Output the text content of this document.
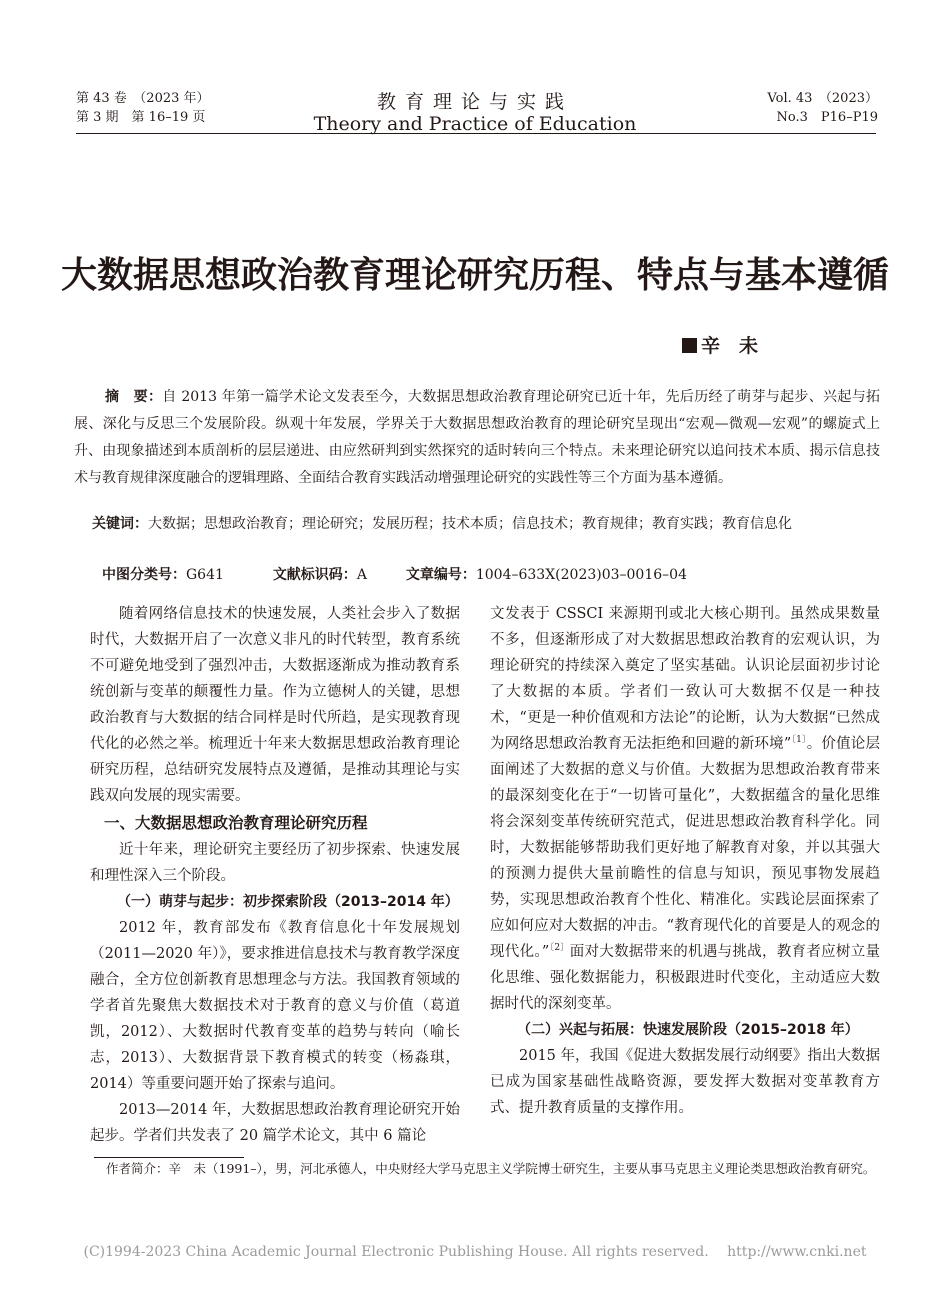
第 43 卷　（2023 年）
第 3 期　第 16–19 页
教育理论与实践
Theory and Practice of Education
Vol. 43　（2023）
No.3　P16–P19
大数据思想政治教育理论研究历程、特点与基本遵循
辛　未
摘　要：自 2013 年第一篇学术论文发表至今，大数据思想政治教育理论研究已近十年，先后历经了萌芽与起步、兴起与拓展、深化与反思三个发展阶段。纵观十年发展，学界关于大数据思想政治教育的理论研究呈现出“宏观—微观—宏观”的螺旋式上升、由现象描述到本质剖析的层层递进、由应然研判到实然探究的适时转向三个特点。未来理论研究以追问技术本质、揭示信息技术与教育规律深度融合的逻辑理路、全面结合教育实践活动增强理论研究的实践性等三个方面为基本遵循。
关键词：大数据；思想政治教育；理论研究；发展历程；技术本质；信息技术；教育规律；教育实践；教育信息化
中图分类号：G641	文献标识码：A	文章编号：1004–633X(2023)03–0016–04

随着网络信息技术的快速发展，人类社会步入了数据时代，大数据开启了一次意义非凡的时代转型，教育系统不可避免地受到了强烈冲击，大数据逐渐成为推动教育系统创新与变革的颠覆性力量。作为立德树人的关键，思想政治教育与大数据的结合同样是时代所趋，是实现教育现代化的必然之举。梳理近十年来大数据思想政治教育理论研究历程，总结研究发展特点及遵循，是推动其理论与实践双向发展的现实需要。

一、大数据思想政治教育理论研究历程

近十年来，理论研究主要经历了初步探索、快速发展和理性深入三个阶段。

（一）萌芽与起步：初步探索阶段（2013–2014 年）

2012 年，教育部发布《教育信息化十年发展规划（2011—2020 年）》，要求推进信息技术与教育教学深度融合，全方位创新教育思想理念与方法。我国教育领域的学者首先聚焦大数据技术对于教育的意义与价值（葛道凯，2012）、大数据时代教育变革的趋势与转向（喻长志，2013）、大数据背景下教育模式的转变（杨淼琪，2014）等重要问题开始了探索与追问。

2013—2014 年，大数据思想政治教育理论研究开始起步。学者们共发表了 20 篇学术论文，其中 6 篇论

文发表于 CSSCI 来源期刊或北大核心期刊。虽然成果数量不多，但逐渐形成了对大数据思想政治教育的宏观认识，为理论研究的持续深入奠定了坚实基础。认识论层面初步讨论了大数据的本质。学者们一致认可大数据不仅是一种技术，“更是一种价值观和方法论”的论断，认为大数据“已然成为网络思想政治教育无法拒绝和回避的新环境”$^{〔1〕}$。价值论层面阐述了大数据的意义与价值。大数据为思想政治教育带来的最深刻变化在于“一切皆可量化”，大数据蕴含的量化思维将会深刻变革传统研究范式，促进思想政治教育科学化。同时，大数据能够帮助我们更好地了解教育对象，并以其强大的预测力提供大量前瞻性的信息与知识，预见事物发展趋势，实现思想政治教育个性化、精准化。实践论层面探索了应如何应对大数据的冲击。“教育现代化的首要是人的观念的现代化。”$^{〔2〕}$面对大数据带来的机遇与挑战，教育者应树立量化思维、强化数据能力，积极跟进时代变化，主动适应大数据时代的深刻变革。

（二）兴起与拓展：快速发展阶段（2015–2018 年）

2015 年，我国《促进大数据发展行动纲要》指出大数据已成为国家基础性战略资源，要发挥大数据对变革教育方式、提升教育质量的支撑作用。

作者简介：辛　未（1991–），男，河北承德人，中央财经大学马克思主义学院博士研究生，主要从事马克思主义理论类思想政治教育研究。
(C)1994-2023 China Academic Journal Electronic Publishing House. All rights reserved.　 http://www.cnki.net
